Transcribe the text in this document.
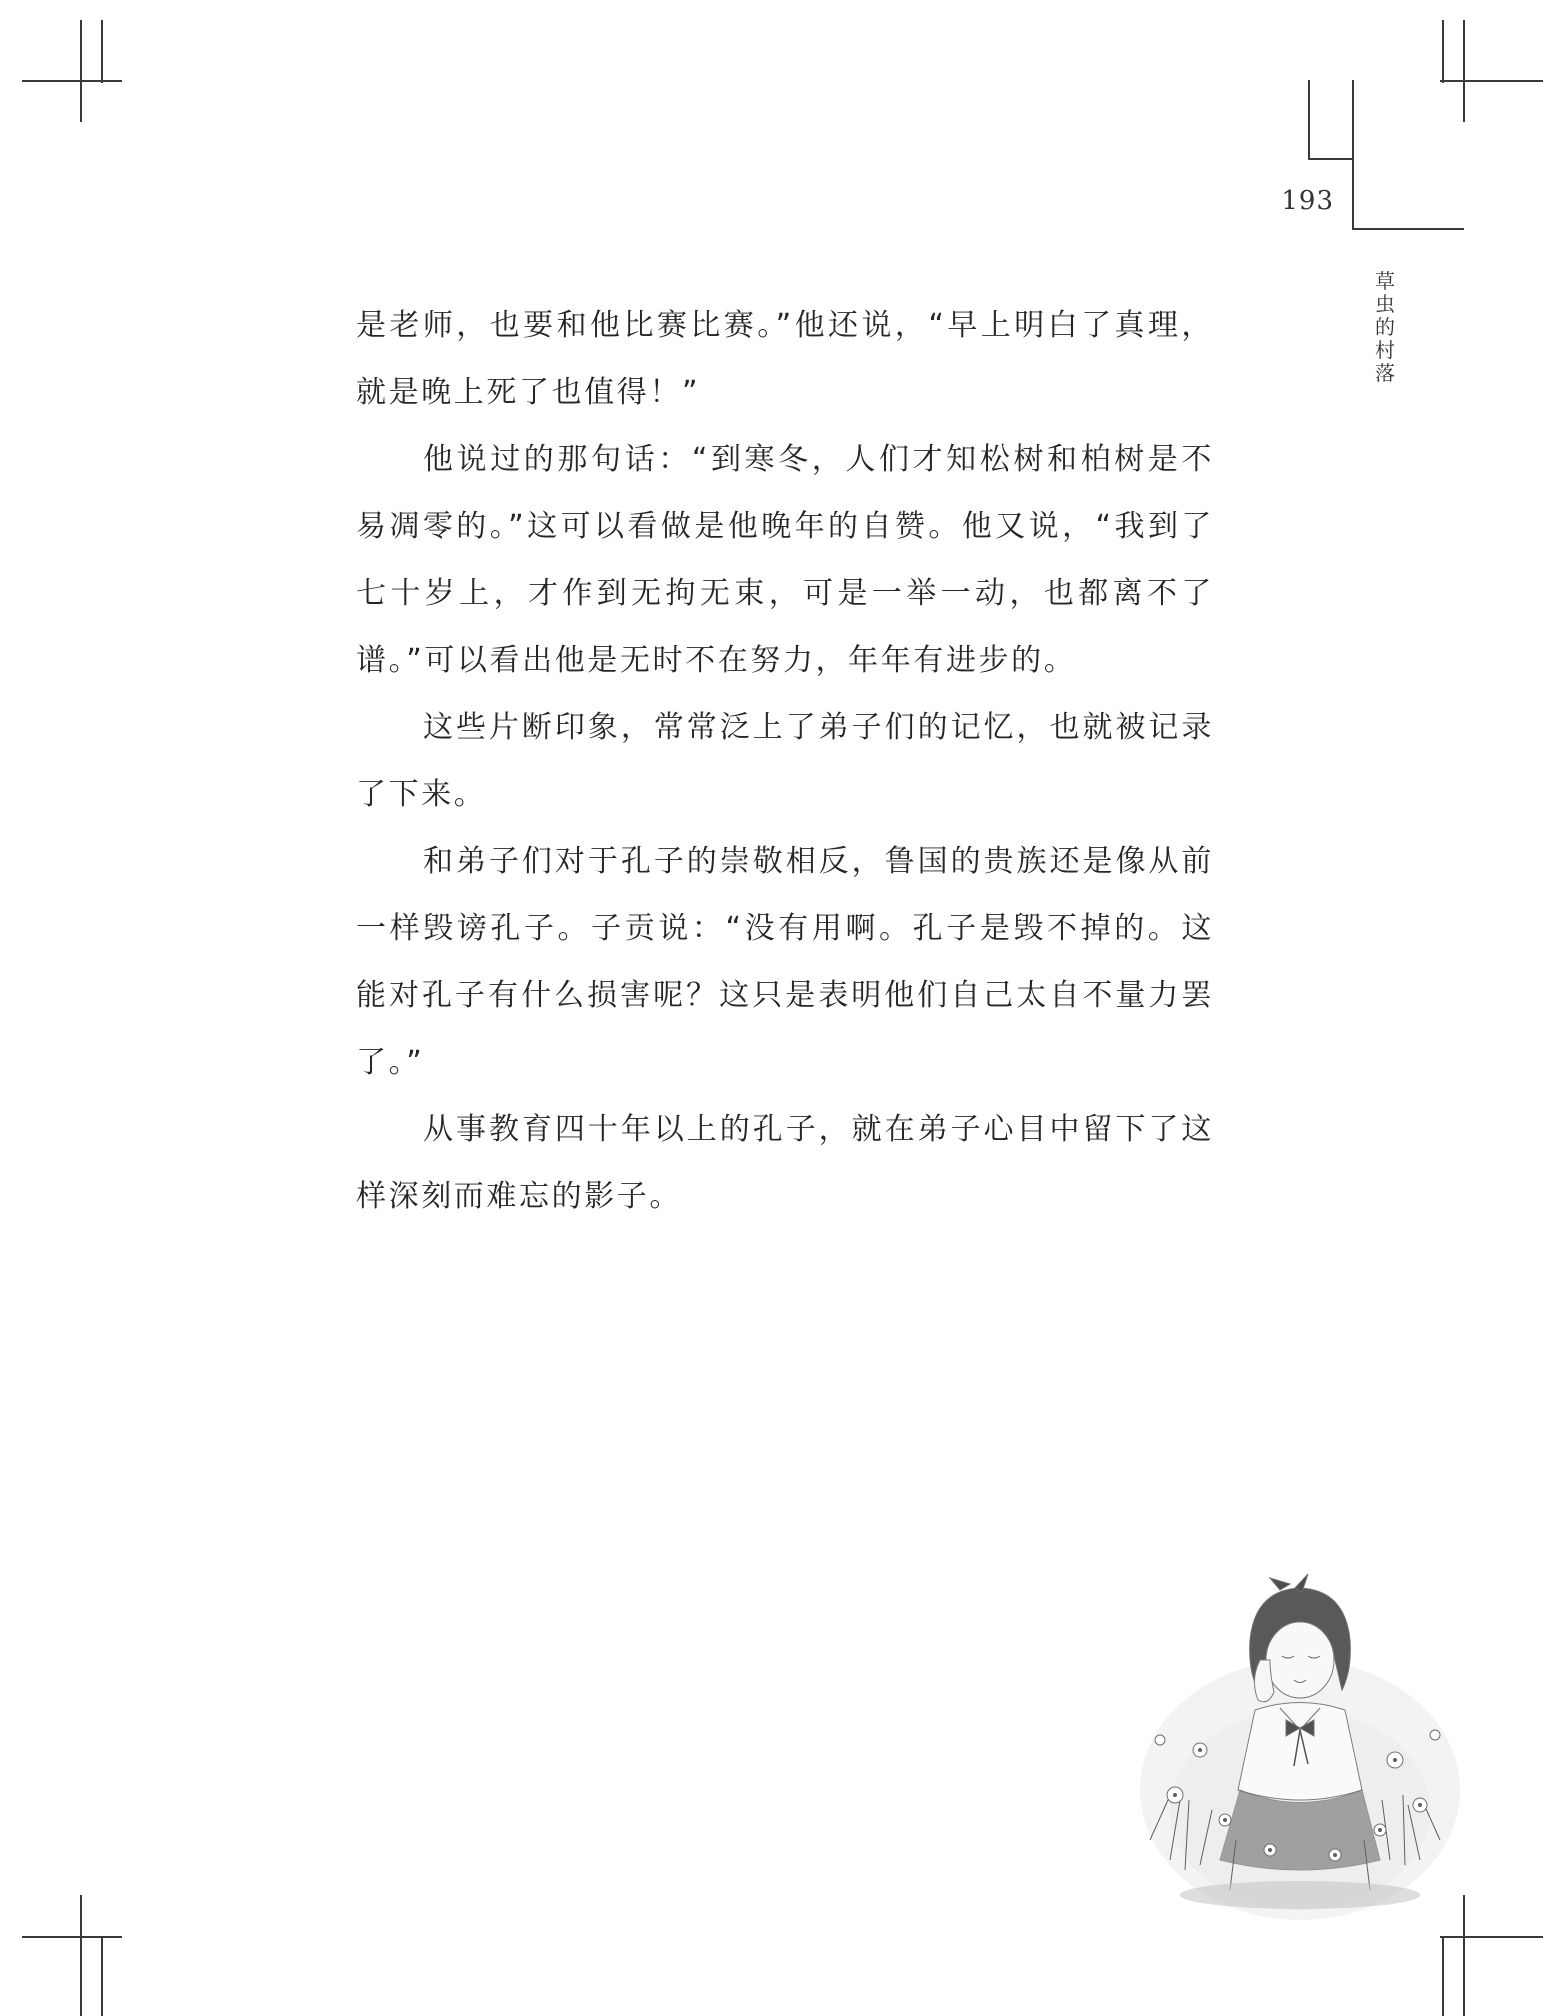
193
草虫的村落

是老师，也要和他比赛比赛。”他还说，“早上明白了真理，就是晚上死了也值得！”

他说过的那句话：“到寒冬，人们才知松树和柏树是不易凋零的。”这可以看做是他晚年的自赞。他又说，“我到了七十岁上，才作到无拘无束，可是一举一动，也都离不了谱。”可以看出他是无时不在努力，年年有进步的。

这些片断印象，常常泛上了弟子们的记忆，也就被记录了下来。

和弟子们对于孔子的崇敬相反，鲁国的贵族还是像从前一样毁谤孔子。子贡说：“没有用啊。孔子是毁不掉的。这能对孔子有什么损害呢？这只是表明他们自己太自不量力罢了。”

从事教育四十年以上的孔子，就在弟子心目中留下了这样深刻而难忘的影子。
